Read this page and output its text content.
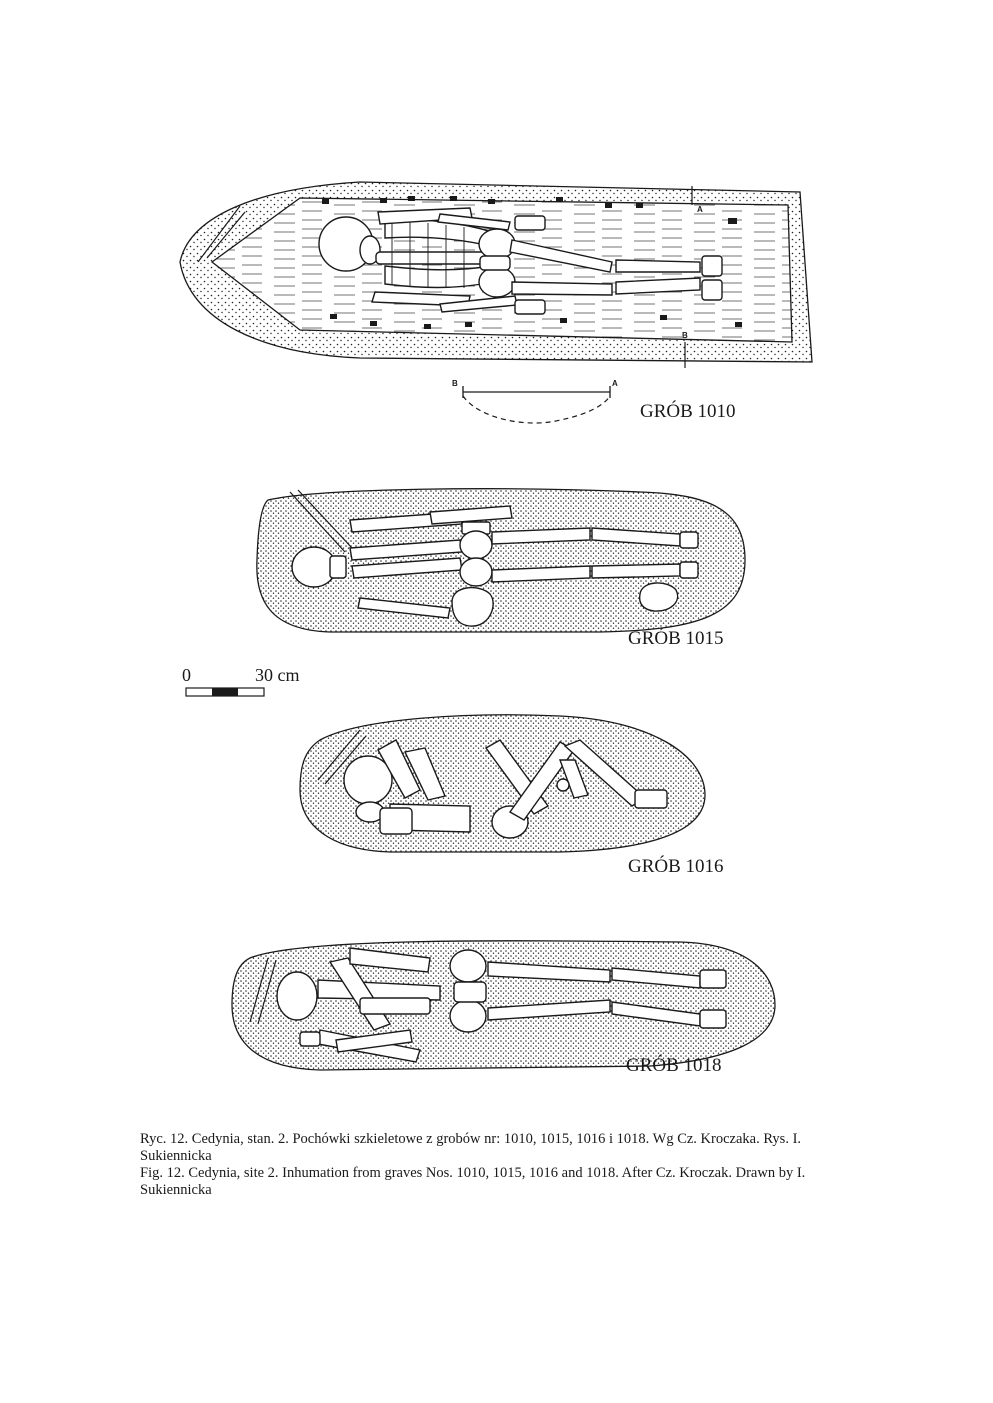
A
B
B	A
GRÓB 1010
GRÓB 1015
0	30 cm
GRÓB 1016
GRÓB 1018

Ryc. 12. Cedynia, stan. 2. Pochówki szkieletowe z grobów nr: 1010, 1015, 1016 i 1018. Wg Cz. Kroczaka. Rys. I. Sukiennicka

Fig. 12. Cedynia, site 2. Inhumation from graves Nos. 1010, 1015, 1016 and 1018. After Cz. Kroczak. Drawn by I. Sukiennicka
